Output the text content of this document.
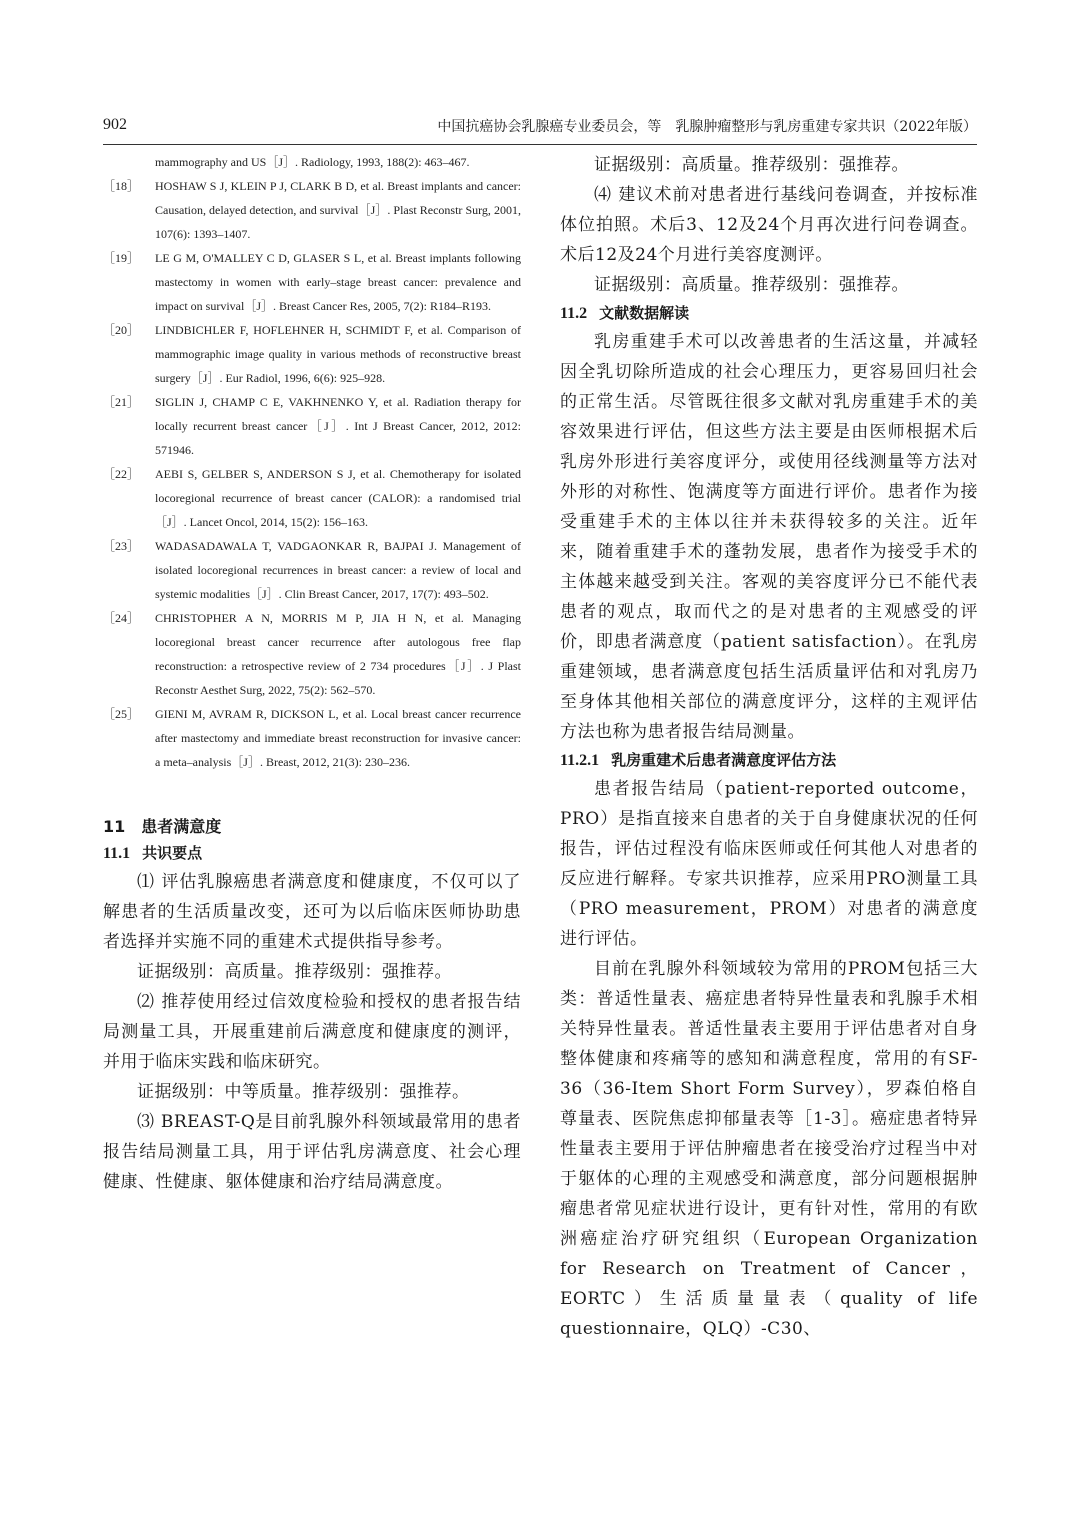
902	中国抗癌协会乳腺癌专业委员会，等　乳腺肿瘤整形与乳房重建专家共识（2022年版）
mammography and US［J］. Radiology, 1993, 188(2): 463–467.
［18］	HOSHAW S J, KLEIN P J, CLARK B D, et al. Breast implants and cancer: Causation, delayed detection, and survival［J］. Plast Reconstr Surg, 2001, 107(6): 1393–1407.
［19］	LE G M, O'MALLEY C D, GLASER S L, et al. Breast implants following mastectomy in women with early–stage breast cancer: prevalence and impact on survival［J］. Breast Cancer Res, 2005, 7(2): R184–R193.
［20］	LINDBICHLER F, HOFLEHNER H, SCHMIDT F, et al. Comparison of mammographic image quality in various methods of reconstructive breast surgery［J］. Eur Radiol, 1996, 6(6): 925–928.
［21］	SIGLIN J, CHAMP C E, VAKHNENKO Y, et al. Radiation therapy for locally recurrent breast cancer［J］. Int J Breast Cancer, 2012, 2012: 571946.
［22］	AEBI S, GELBER S, ANDERSON S J, et al. Chemotherapy for isolated locoregional recurrence of breast cancer (CALOR): a randomised trial［J］. Lancet Oncol, 2014, 15(2): 156–163.
［23］	WADASADAWALA T, VADGAONKAR R, BAJPAI J. Management of isolated locoregional recurrences in breast cancer: a review of local and systemic modalities［J］. Clin Breast Cancer, 2017, 17(7): 493–502.
［24］	CHRISTOPHER A N, MORRIS M P, JIA H N, et al. Managing locoregional breast cancer recurrence after autologous free flap reconstruction: a retrospective review of 2 734 procedures［J］. J Plast Reconstr Aesthet Surg, 2022, 75(2): 562–570.
［25］	GIENI M, AVRAM R, DICKSON L, et al. Local breast cancer recurrence after mastectomy and immediate breast reconstruction for invasive cancer: a meta–analysis［J］. Breast, 2012, 21(3): 230–236.
11　 患者满意度
11.1 共识要点

⑴ 评估乳腺癌患者满意度和健康度，不仅可以了解患者的生活质量改变，还可为以后临床医师协助患者选择并实施不同的重建术式提供指导参考。

证据级别：高质量。推荐级别：强推荐。

⑵ 推荐使用经过信效度检验和授权的患者报告结局测量工具，开展重建前后满意度和健康度的测评，并用于临床实践和临床研究。

证据级别：中等质量。推荐级别：强推荐。

⑶ BREAST-Q是目前乳腺外科领域最常用的患者报告结局测量工具，用于评估乳房满意度、社会心理健康、性健康、躯体健康和治疗结局满意度。

证据级别：高质量。推荐级别：强推荐。

⑷ 建议术前对患者进行基线问卷调查，并按标准体位拍照。术后3、12及24个月再次进行问卷调查。术后12及24个月进行美容度测评。

证据级别：高质量。推荐级别：强推荐。

11.2 文献数据解读

乳房重建手术可以改善患者的生活这量，并减轻因全乳切除所造成的社会心理压力，更容易回归社会的正常生活。尽管既往很多文献对乳房重建手术的美容效果进行评估，但这些方法主要是由医师根据术后乳房外形进行美容度评分，或使用径线测量等方法对外形的对称性、饱满度等方面进行评价。患者作为接受重建手术的主体以往并未获得较多的关注。近年来，随着重建手术的蓬勃发展，患者作为接受手术的主体越来越受到关注。客观的美容度评分已不能代表患者的观点，取而代之的是对患者的主观感受的评价，即患者满意度（patient satisfaction）。在乳房重建领域，患者满意度包括生活质量评估和对乳房乃至身体其他相关部位的满意度评分，这样的主观评估方法也称为患者报告结局测量。

11.2.1 乳房重建术后患者满意度评估方法

患者报告结局（patient-reported outcome，PRO）是指直接来自患者的关于自身健康状况的任何报告，评估过程没有临床医师或任何其他人对患者的反应进行解释。专家共识推荐，应采用PRO测量工具（PRO measurement，PROM）对患者的满意度进行评估。

目前在乳腺外科领域较为常用的PROM包括三大类：普适性量表、癌症患者特异性量表和乳腺手术相关特异性量表。普适性量表主要用于评估患者对自身整体健康和疼痛等的感知和满意程度，常用的有SF-36（36-Item Short Form Survey），罗森伯格自尊量表、医院焦虑抑郁量表等［1-3］。癌症患者特异性量表主要用于评估肿瘤患者在接受治疗过程当中对于躯体的心理的主观感受和满意度，部分问题根据肿瘤患者常见症状进行设计，更有针对性，常用的有欧洲癌症治疗研究组织（European Organization for Research on Treatment of Cancer，EORTC）生活质量量表（quality of life questionnaire，QLQ）-C30、
